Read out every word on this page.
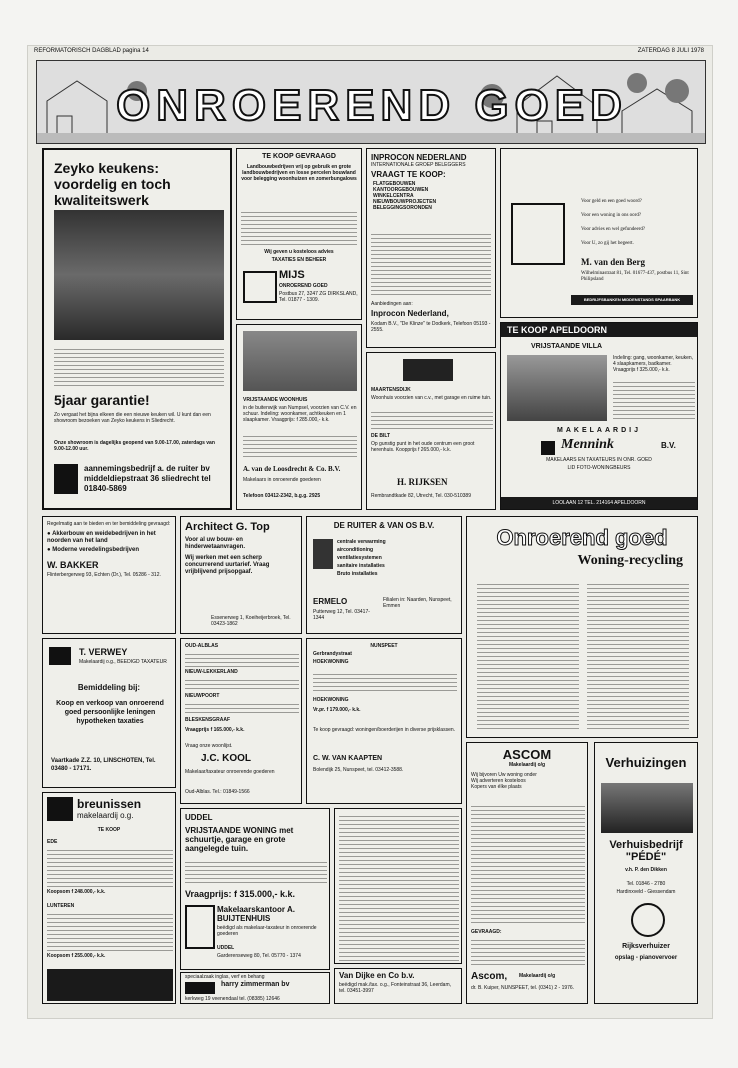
REFORMATORISCH DAGBLAD pagina 14	ZATERDAG 8 JULI 1978
ONROEREND GOED
Zeyko keukens: voordelig en toch kwaliteitswerk
5jaar garantie!
Zo vergaat het bijna elkeen die een nieuwe keuken wil. U kunt dan een showroom bezoeken van Zeyko keukens in Sliedrecht.
Onze showroom is dagelijks geopend van 9.00-17.00, zaterdags van 9.00-12.00 uur.
aannemingsbedrijf a. de ruiter bv middeldiepstraat 36 sliedrecht tel 01840-5869
TE KOOP GEVRAAGD
Landbouwbedrijven vrij op gebruik en grote landbouwbedrijven en losse percelen bouwland voor belegging woonhuizen en zomerbungalows
Wij geven u kosteloos advies
TAXATIES EN BEHEER
MIJS
ONROEREND GOED
Postbus 27, 3247 ZG DIRKSLAND, Tel. 01877 - 1309.
INPROCON NEDERLAND
INTERNATIONALE GROEP BELEGGERS
VRAAGT TE KOOP:
FLATGEBOUWEN
KANTOORGEBOUWEN
WINKELCENTRA
NIEUWBOUWPROJECTEN
BELEGGINGSORONDEN
Aanbiedingen aan:
Inprocon Nederland,
Kodam B.V., "De Klinze" te Dodkerk, Telefoon 05193 - 2555.
Voor geld en een goed woord?
Voor een woning in ons oord?
Voor advies en wel gefundeerd?
Voor U, zo gij het begeert.
M. van den Berg
Wilhelminastraat 81, Tel. 01677-437, postbus 11, Sint Philipsland
BEDRIJFSBANKEN MIDDENSTANDS SPAARBANK
VRIJSTAANDE WOONHUIS
in de buitenwijk van Numpsel, voorzien van C.V. en schuur. Indeling: woonkamer, achtkeuken en 1 slaapkamer. Vraagprijs: f 285.000,- k.k.
A. van de Loosdrecht & Co. B.V.
Makelaars in onroerende goederen
Telefoon 03412-2342, b.g.g. 2925
MAARTENSDIJK
Woonhuis voorzien van c.v., met garage en ruime tuin.
DE BILT
Op gunstig punt in het oude centrum een groot herenhuis. Koopprijs f 265.000,- k.k.
H. RIJKSEN
Rembrandtkade 82, Utrecht, Tel. 030-510389
TE KOOP APELDOORN
VRIJSTAANDE VILLA
Indeling: gang, woonkamer, keuken, 4 slaapkamers, badkamer. Vraagprijs f 325.000,- k.k.
MAKELAARDIJ
Mennink	B.V.
MAKELAARS EN TAXATEURS IN ONR. GOED
LID FOTO-WONINGBEURS
LOOLAAN 12 TEL. 214164 APELDOORN
Regelmatig aan te bieden en ter bemiddeling gevraagd:
● Akkerbouw en weidebedrijven in het noorden van het land
● Moderne veredelingsbedrijven
W. BAKKER
Flinterbergerweg 93, Echten (Dr.), Tel. 05286 - 312.
Architect G. Top
Voor al uw bouw- en hinderwetaanvragen.
Wij werken met een scherp concurrerend uurtarief. Vraag vrijblijvend prijsopgaaf.
Essenerweg 1, Koeiheijerbroek, Tel. 03423-1862
DE RUITER & VAN OS B.V.
centrale verwarming
airconditioning
ventilatiesystemen
sanitaire installaties
Bruto installaties
ERMELO
Putterweg 12, Tel. 03417-1344
Filialen in: Naarden, Nunspeet, Emmen
Onroerend goed
Woning-recycling
T. VERWEY
Makelaardij o.g., BEEDIGD TAXATEUR
Bemiddeling bij:
Koop en verkoop van onroerend goed persoonlijke leningen hypotheken taxaties
Vaartkade Z.Z. 10, LINSCHOTEN, Tel. 03480 - 17171.
OUD-ALBLAS
NIEUW-LEKKERLAND
NIEUWPOORT
BLESKENSGRAAF
Vraagprijs f 165.000,- k.k.
Vraag onze woonlijst.
J.C. KOOL
Makelaar/taxateur onroerende goederen
Oud-Alblas. Tel.: 01849-1566
NUNSPEET
Gerbrandystraat
HOEKWONING
HOEKWONING
Vr.pr. f 179.000,- k.k.
Te koop gevraagd: woningen/boerderijen in diverse prijsklassen.
C. W. VAN KAAPTEN
Bolendijk 25, Nunspeet, tel. 03412-3588.
ASCOM
Makelaardij o/g
Wij bijvoren Uw woning onder
Wij adverteren kosteloos
Kopers van élke plaats
GEVRAAGD:
Ascom, Makelaardij o/g
dr. B. Kuiper, NUNSPEET, tel. (0341) 2 - 1976.
Verhuizingen
Verhuisbedrijf "PÉDÉ"
v.h. P. den Dikken
Tel. 01846 - 2780
Hardinxveld - Giessendam
Rijksverhuizer
opslag - pianovervoer
breunissen
makelaardij o.g.
TE KOOP
EDE
Koopsom f 248.000,- k.k.
LUNTEREN
Koopsom f 255.000,- k.k.
UDDEL
VRIJSTAANDE WONING met schuurtje, garage en grote aangelegde tuin.
Vraagprijs: f 315.000,- k.k.
Makelaarskantoor A. BUIJTENHUIS
beëdigd als makelaar-taxateur in onroerende goederen
UDDEL
Garderenseweg 80, Tel. 05770 - 1374
speciaalzaak inglas, verf en behang
harry zimmerman bv
kerkweg 19 veenendaal tel. (08385) 12646
Van Dijke en Co b.v.
beëdigd mak./tax. o.g., Fonteinstraat 36, Leerdam, tel. 03451-3997
